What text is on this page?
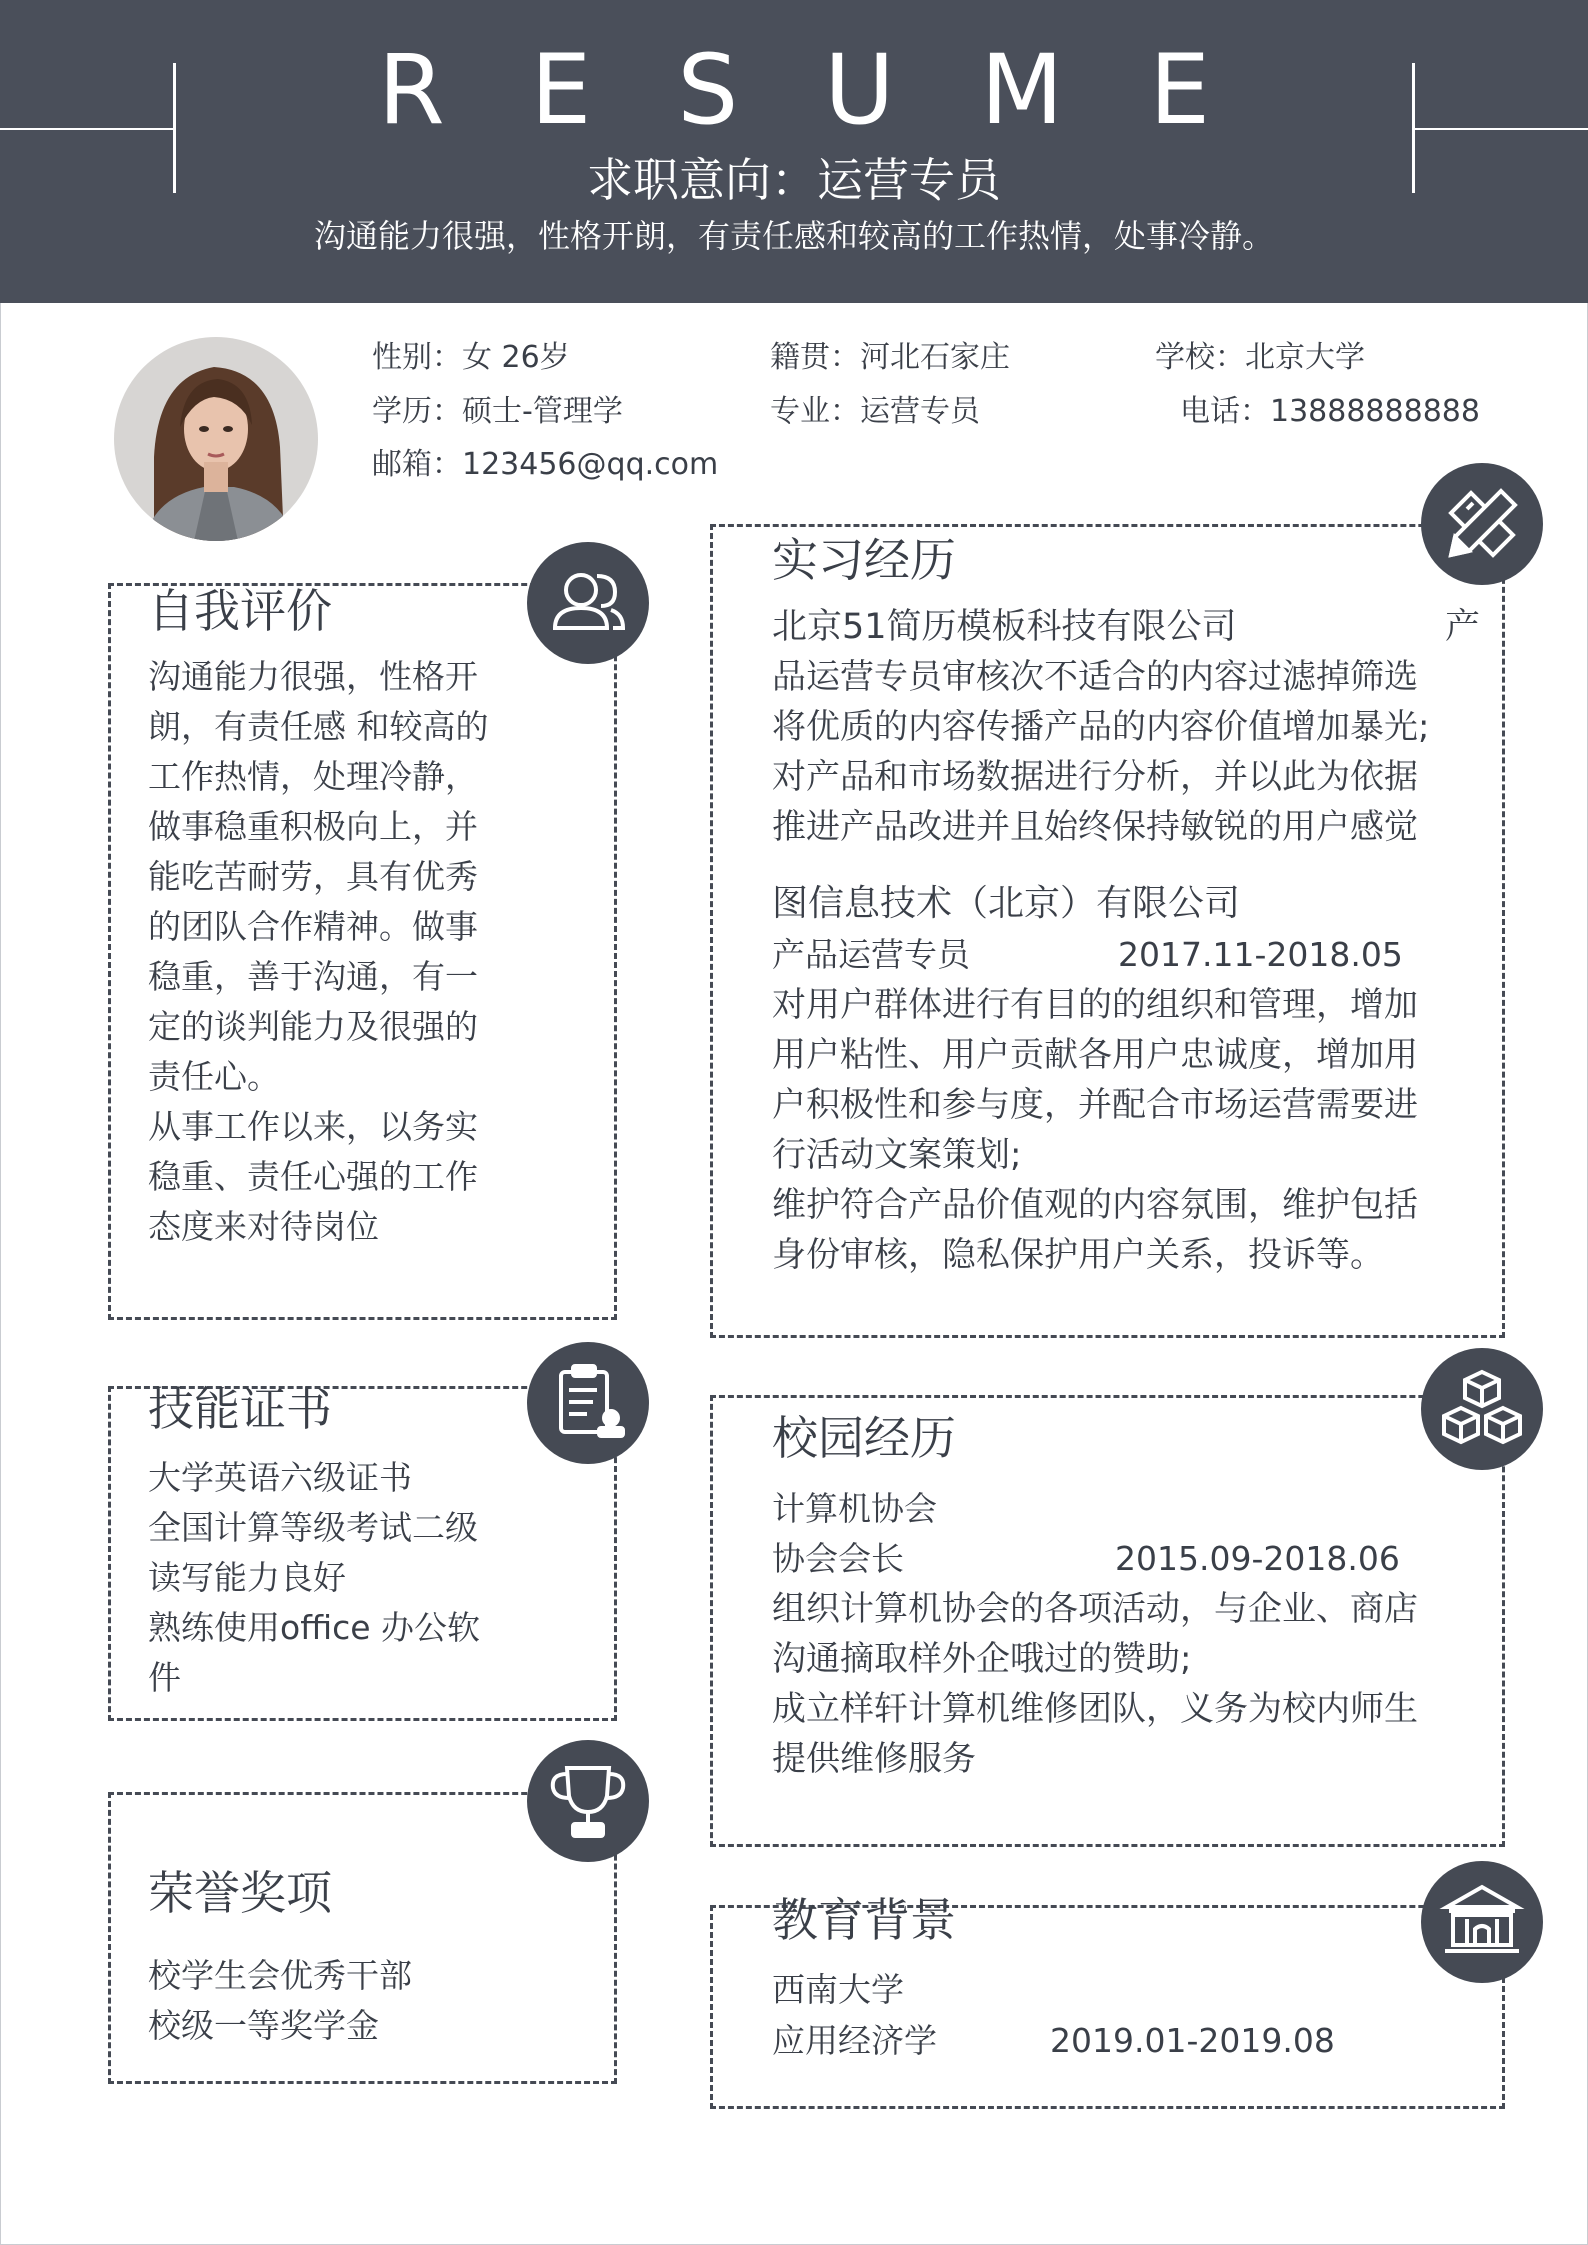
RESUME
求职意向：运营专员
沟通能力很强，性格开朗，有责任感和较高的工作热情，处事冷静。
性别：女 26岁	籍贯：河北石家庄	学校：北京大学
学历：硕士-管理学	专业：运营专员	电话：13888888888
邮箱：123456@qq.com
自我评价
沟通能力很强，性格开
朗，有责任感 和较高的
工作热情，处理冷静，
做事稳重积极向上，并
能吃苦耐劳，具有优秀
的团队合作精神。做事
稳重，善于沟通，有一
定的谈判能力及很强的
责任心。
从事工作以来，以务实
稳重、责任心强的工作
态度来对待岗位
技能证书
大学英语六级证书
全国计算等级考试二级
读写能力良好
熟练使用office 办公软
件
荣誉奖项
校学生会优秀干部
校级一等奖学金
实习经历
北京51简历模板科技有限公司	产
品运营专员审核次不适合的内容过滤掉筛选
将优质的内容传播产品的内容价值增加暴光;
对产品和市场数据进行分析，并以此为依据
推进产品改进并且始终保持敏锐的用户感觉
图信息技术（北京）有限公司
产品运营专员	2017.11-2018.05
对用户群体进行有目的的组织和管理，增加
用户粘性、用户贡献各用户忠诚度，增加用
户积极性和参与度，并配合市场运营需要进
行活动文案策划;
维护符合产品价值观的内容氛围，维护包括
身份审核，隐私保护用户关系，投诉等。
校园经历
计算机协会
协会会长	2015.09-2018.06
组织计算机协会的各项活动，与企业、商店
沟通摘取样外企哦过的赞助;
成立样轩计算机维修团队，义务为校内师生
提供维修服务
教育背景
西南大学
应用经济学	2019.01-2019.08
